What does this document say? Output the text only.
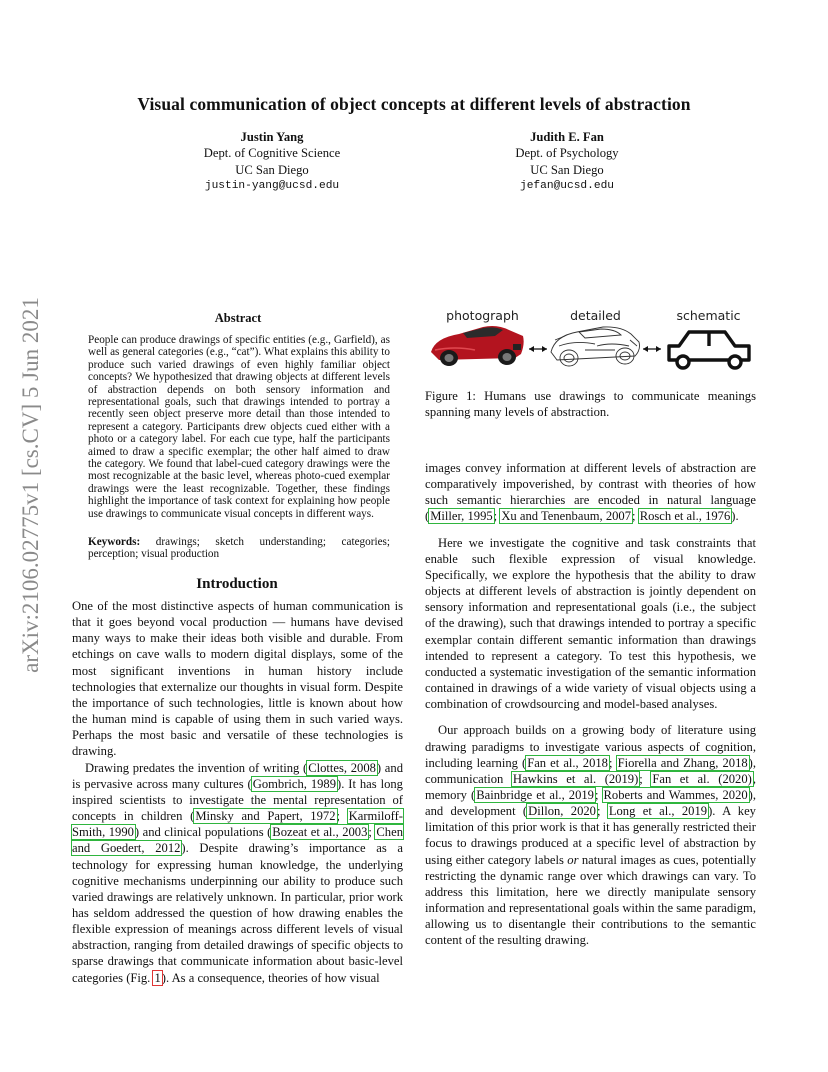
arXiv:2106.02775v1 [cs.CV] 5 Jun 2021
Visual communication of object concepts at different levels of abstraction
Justin Yang
Dept. of Cognitive Science
UC San Diego
justin-yang@ucsd.edu
Judith E. Fan
Dept. of Psychology
UC San Diego
jefan@ucsd.edu
Abstract
People can produce drawings of specific entities (e.g., Garfield), as well as general categories (e.g., “cat”). What explains this ability to produce such varied drawings of even highly familiar object concepts? We hypothesized that drawing objects at different levels of abstraction depends on both sensory information and representational goals, such that drawings intended to portray a recently seen object preserve more detail than those intended to represent a category. Participants drew objects cued either with a photo or a category label. For each cue type, half the participants aimed to draw a specific exemplar; the other half aimed to draw the category. We found that label-cued category drawings were the most recognizable at the basic level, whereas photo-cued exemplar drawings were the least recognizable. Together, these findings highlight the importance of task context for explaining how people use drawings to communicate visual concepts in different ways.
Keywords: drawings; sketch understanding; categories; perception; visual production
Introduction

One of the most distinctive aspects of human communication is that it goes beyond vocal production — humans have devised many ways to make their ideas both visible and durable. From etchings on cave walls to modern digital displays, some of the most significant inventions in human history include technologies that externalize our thoughts in visual form. Despite the importance of such technologies, little is known about how the human mind is capable of using them in such varied ways. Perhaps the most basic and versatile of these technologies is drawing.

Drawing predates the invention of writing (Clottes, 2008) and is pervasive across many cultures (Gombrich, 1989). It has long inspired scientists to investigate the mental representation of concepts in children (Minsky and Papert, 1972; Karmiloff-Smith, 1990) and clinical populations (Bozeat et al., 2003; Chen and Goedert, 2012). Despite drawing’s importance as a technology for expressing human knowledge, the underlying cognitive mechanisms underpinning our ability to produce such varied drawings are relatively unknown. In particular, prior work has seldom addressed the question of how drawing enables the flexible expression of meanings across different levels of visual abstraction, ranging from detailed drawings of specific objects to sparse drawings that communicate information about basic-level categories (Fig. 1). As a consequence, theories of how visual

photograph	detailed	schematic
Figure 1: Humans use drawings to communicate meanings spanning many levels of abstraction.

images convey information at different levels of abstraction are comparatively impoverished, by contrast with theories of how such semantic hierarchies are encoded in natural language (Miller, 1995; Xu and Tenenbaum, 2007; Rosch et al., 1976).

Here we investigate the cognitive and task constraints that enable such flexible expression of visual knowledge. Specifically, we explore the hypothesis that the ability to draw objects at different levels of abstraction is jointly dependent on sensory information and representational goals (i.e., the subject of the drawing), such that drawings intended to portray a specific exemplar contain different semantic information than drawings intended to represent a category. To test this hypothesis, we conducted a systematic investigation of the semantic information contained in drawings of a wide variety of visual objects using a combination of crowdsourcing and model-based analyses.

Our approach builds on a growing body of literature using drawing paradigms to investigate various aspects of cognition, including learning (Fan et al., 2018; Fiorella and Zhang, 2018), communication Hawkins et al. (2019); Fan et al. (2020), memory (Bainbridge et al., 2019; Roberts and Wammes, 2020), and development (Dillon, 2020; Long et al., 2019). A key limitation of this prior work is that it has generally restricted their focus to drawings produced at a specific level of abstraction by using either category labels or natural images as cues, potentially restricting the dynamic range over which drawings can vary. To address this limitation, here we directly manipulate sensory information and representational goals within the same paradigm, allowing us to disentangle their contributions to the semantic content of the resulting drawing.
